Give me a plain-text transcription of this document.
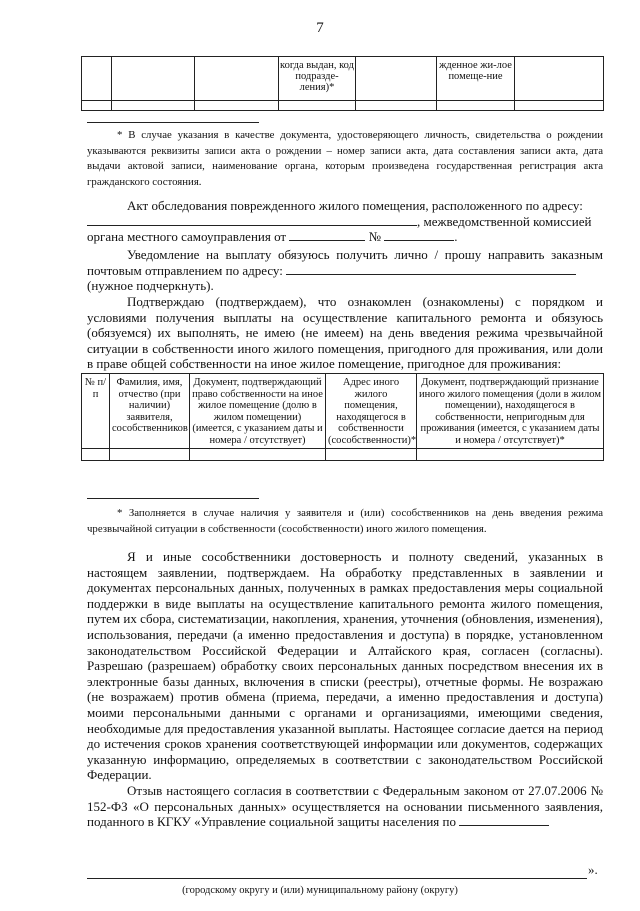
7
			когда выдан, код подразде-ления)*		жденное жи-лое помеще-ние	

* В случае указания в качестве документа, удостоверяющего личность, свидетельства о рождении указываются реквизиты записи акта о рождении – номер записи акта, дата составления записи акта, дата выдачи актовой записи, наименование органа, которым произведена государственная регистрация акта гражданского состояния.

Акт обследования поврежденного жилого помещения, расположенного по адресу:

, межведомственной комиссией

органа местного самоуправления от	№	.

Уведомление на выплату обязуюсь получить лично / прошу направить заказным почтовым отправлением по адресу:

(нужное подчеркнуть).

Подтверждаю (подтверждаем), что ознакомлен (ознакомлены) с порядком и условиями получения выплаты на осуществление капитального ремонта и обязуюсь (обязуемся) их выполнять, не имею (не имеем) на день введения режима чрезвычайной ситуации в собственности иного жилого помещения, пригодного для проживания, или доли в праве общей собственности на иное жилое помещение, пригодное для проживания:

№ п/п	Фамилия, имя, отчество (при наличии) заявителя, сособственников	Документ, подтверждающий право собственности на иное жилое помещение (долю в жилом помещении) (имеется, с указанием даты и номера / отсутствует)	Адрес иного жилого помещения, находящегося в собственности (сособственности)*	Документ, подтверждающий признание иного жилого помещения (доли в жилом помещении), находящегося в собственности, непригодным для проживания (имеется, с указанием даты и номера / отсутствует)*

* Заполняется в случае наличия у заявителя и (или) сособственников на день введения режима чрезвычайной ситуации в собственности (сособственности) иного жилого помещения.

Я и иные сособственники достоверность и полноту сведений, указанных в настоящем заявлении, подтверждаем. На обработку представленных в заявлении и документах персональных данных, полученных в рамках предоставления меры социальной поддержки в виде выплаты на осуществление капитального ремонта жилого помещения, путем их сбора, систематизации, накопления, хранения, уточнения (обновления, изменения), использования, передачи (а именно предоставления и доступа) в порядке, установленном законодательством Российской Федерации и Алтайского края, согласен (согласны). Разрешаю (разрешаем) обработку своих персональных данных посредством внесения их в электронные базы данных, включения в списки (реестры), отчетные формы. Не возражаю (не возражаем) против обмена (приема, передачи, а именно предоставления и доступа) моими персональными данными с органами и организациями, имеющими сведения, необходимые для предоставления указанной выплаты. Настоящее согласие дается на период до истечения сроков хранения соответствующей информации или документов, содержащих указанную информацию, определяемых в соответствии с законодательством Российской Федерации.

Отзыв настоящего согласия в соответствии с Федеральным законом от 27.07.2006 № 152-ФЗ «О персональных данных» осуществляется на основании письменного заявления, поданного в КГКУ «Управление социальной защиты населения по

».
(городскому округу и (или) муниципальному району (округу)
